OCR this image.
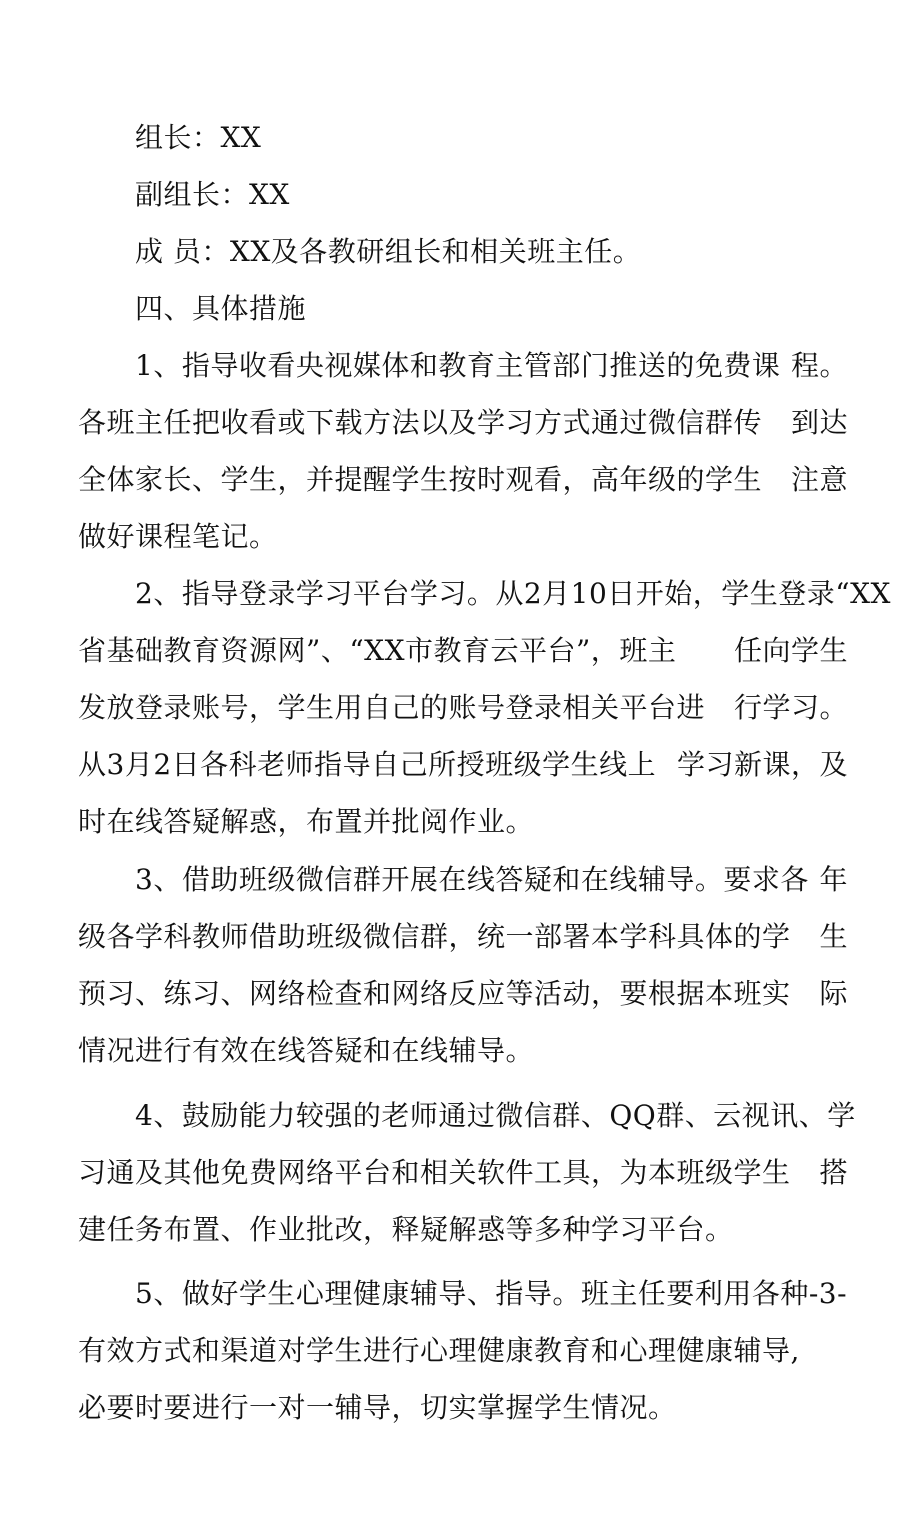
组长：XX
副组长：XX
成 员：XX及各教研组长和相关班主任。
四、具体措施
1、指导收看央视媒体和教育主管部门推送的免费课 程。
各班主任把收看或下载方法以及学习方式通过微信群传 到达
全体家长、学生，并提醒学生按时观看，高年级的学生 注意
做好课程笔记。
2、指导登录学习平台学习。从2月10日开始，学生登 录“XX
省基础教育资源网”、“XX市教育云平台”，班主 任向学生
发放登录账号，学生用自己的账号登录相关平台进 行学习。
从3月2日各科老师指导自己所授班级学生线上 学习新课，及
时在线答疑解惑，布置并批阅作业。
3、借助班级微信群开展在线答疑和在线辅导。要求各 年
级各学科教师借助班级微信群，统一部署本学科具体的学 生
预习、练习、网络检查和网络反应等活动，要根据本班实 际
情况进行有效在线答疑和在线辅导。
4、鼓励能力较强的老师通过微信群、QQ群、云视讯、 学
习通及其他免费网络平台和相关软件工具，为本班级学生 搭
建任务布置、作业批改，释疑解惑等多种学习平台。
5、做好学生心理健康辅导、指导。班主任要利用各种-3-
有效方式和渠道对学生进行心理健康教育和心理健康辅导,
必要时要进行一对一辅导，切实掌握学生情况。
